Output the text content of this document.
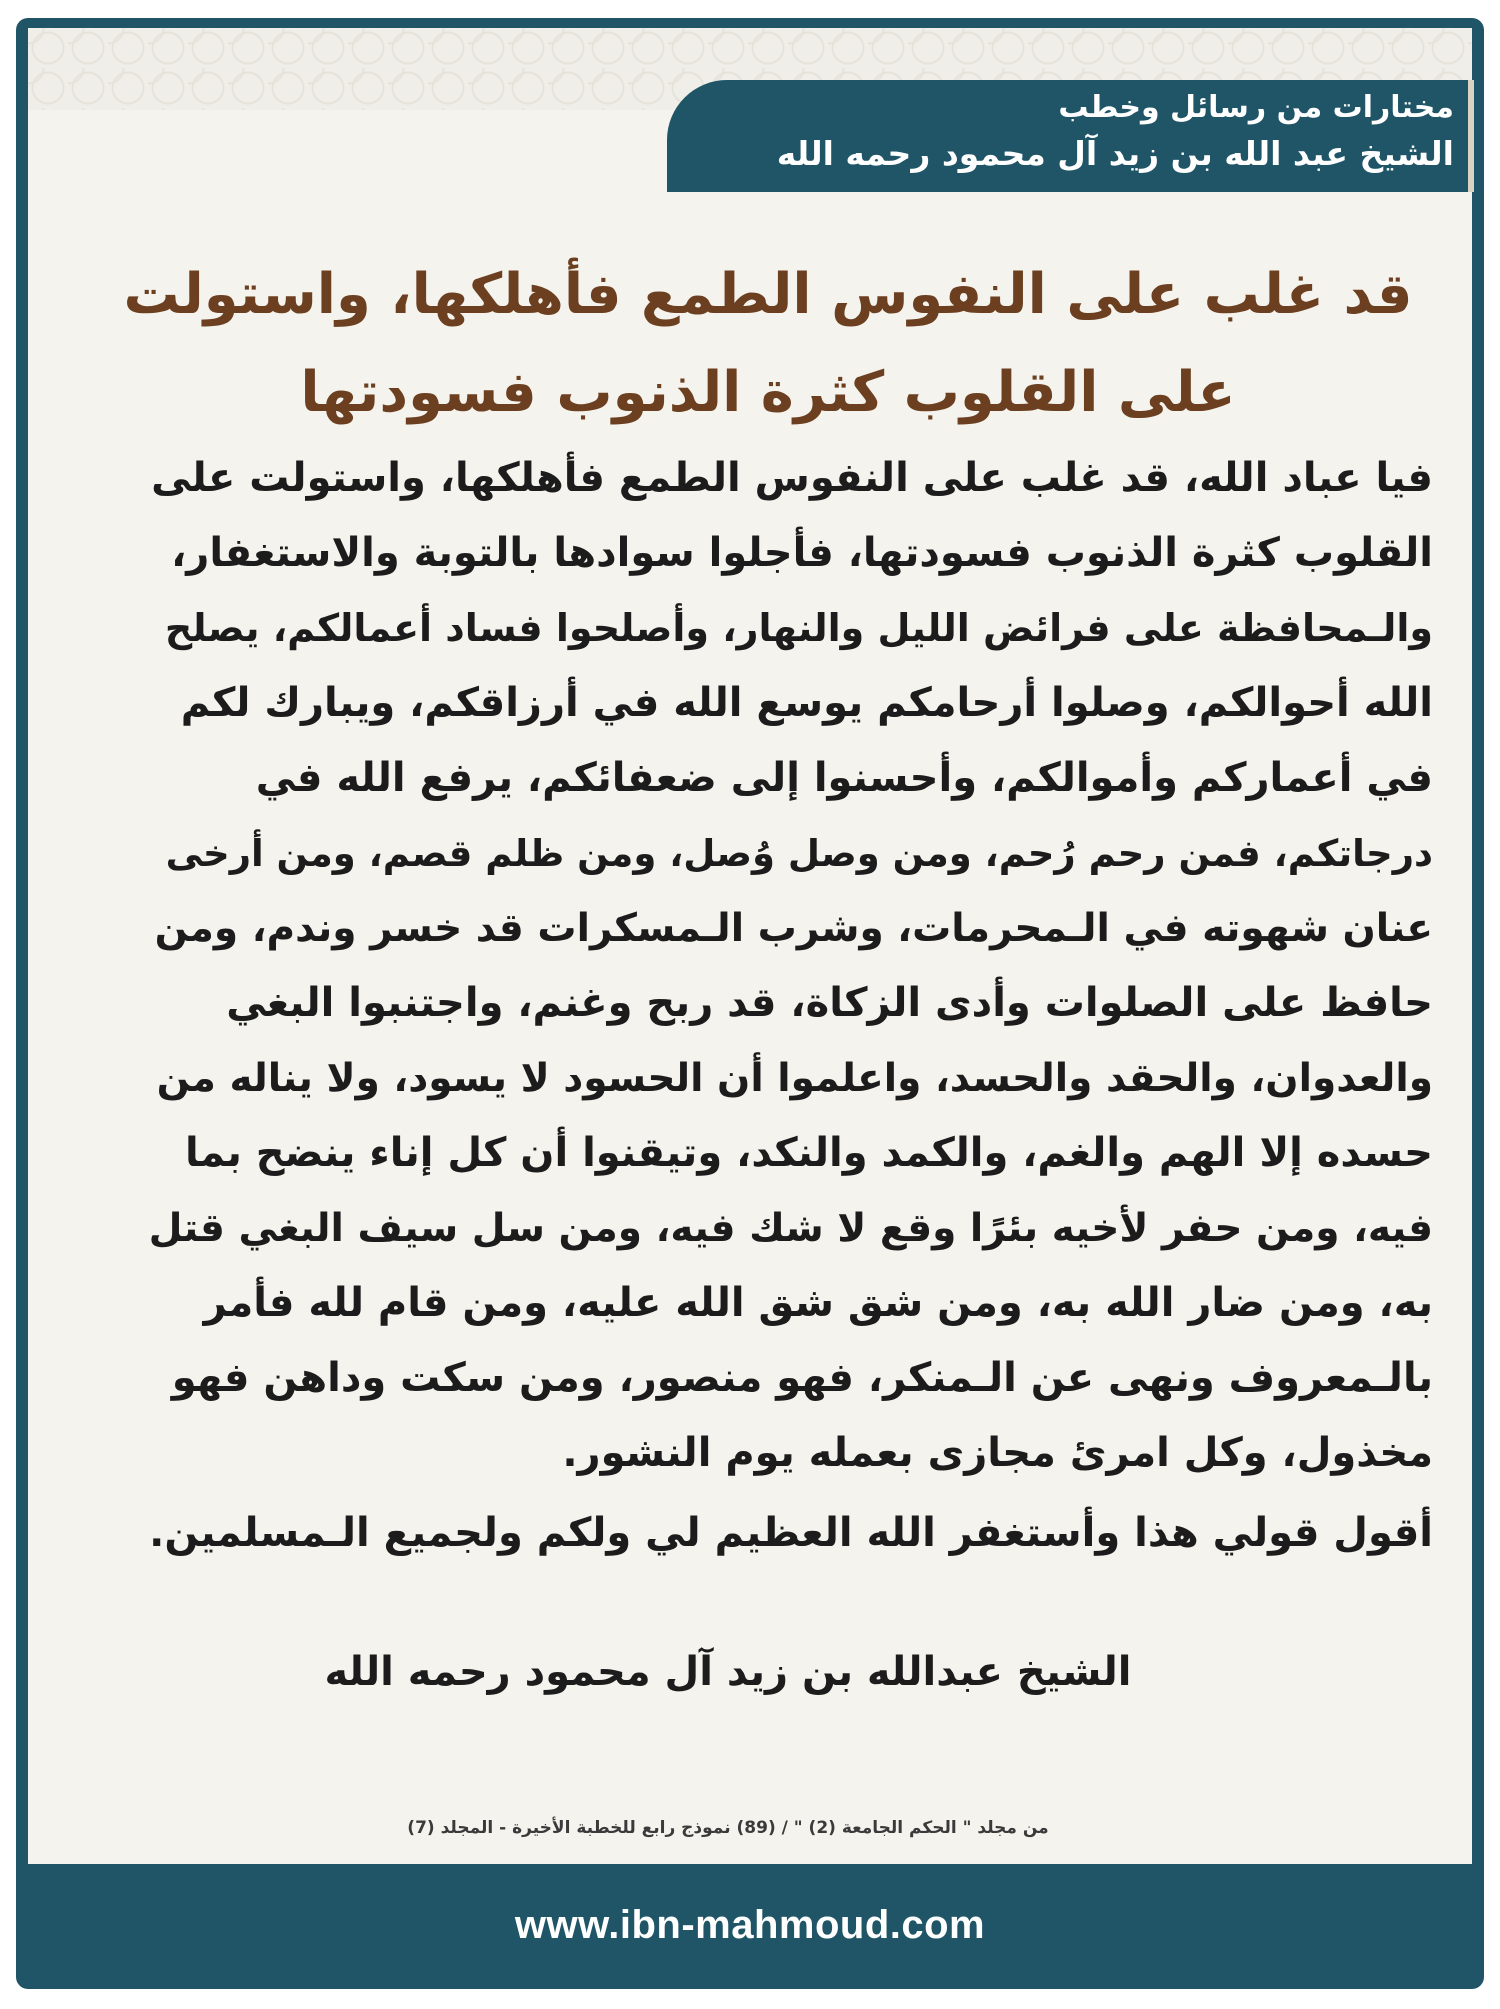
مختارات من رسائل وخطب
الشيخ عبد الله بن زيد آل محمود رحمه الله
قد غلب على النفوس الطمع فأهلكها، واستولت
على القلوب كثرة الذنوب فسودتها
فيا عباد الله، قد غلب على النفوس الطمع فأهلكها، واستولت على
القلوب كثرة الذنوب فسودتها، فأجلوا سوادها بالتوبة والاستغفار،
والـمحافظة على فرائض الليل والنهار، وأصلحوا فساد أعمالكم، يصلح
الله أحوالكم، وصلوا أرحامكم يوسع الله في أرزاقكم، ويبارك لكم
في أعماركم وأموالكم، وأحسنوا إلى ضعفائكم، يرفع الله في
درجاتكم، فمن رحم رُحم، ومن وصل وُصل، ومن ظلم قصم، ومن أرخى
عنان شهوته في الـمحرمات، وشرب الـمسكرات قد خسر وندم، ومن
حافظ على الصلوات وأدى الزكاة، قد ربح وغنم، واجتنبوا البغي
والعدوان، والحقد والحسد، واعلموا أن الحسود لا يسود، ولا يناله من
حسده إلا الهم والغم، والكمد والنكد، وتيقنوا أن كل إناء ينضح بما
فيه، ومن حفر لأخيه بئرًا وقع لا شك فيه، ومن سل سيف البغي قتل
به، ومن ضار الله به، ومن شق شق الله عليه، ومن قام لله فأمر
بالـمعروف ونهى عن الـمنكر، فهو منصور، ومن سكت وداهن فهو
مخذول، وكل امرئ مجازى بعمله يوم النشور.
أقول قولي هذا وأستغفر الله العظيم لي ولكم ولجميع الـمسلمين.
الشيخ عبدالله بن زيد آل محمود رحمه الله
من مجلد " الحكم الجامعة (2) " / (89) نموذج رابع للخطبة الأخيرة - المجلد (7)
www.ibn-mahmoud.com
